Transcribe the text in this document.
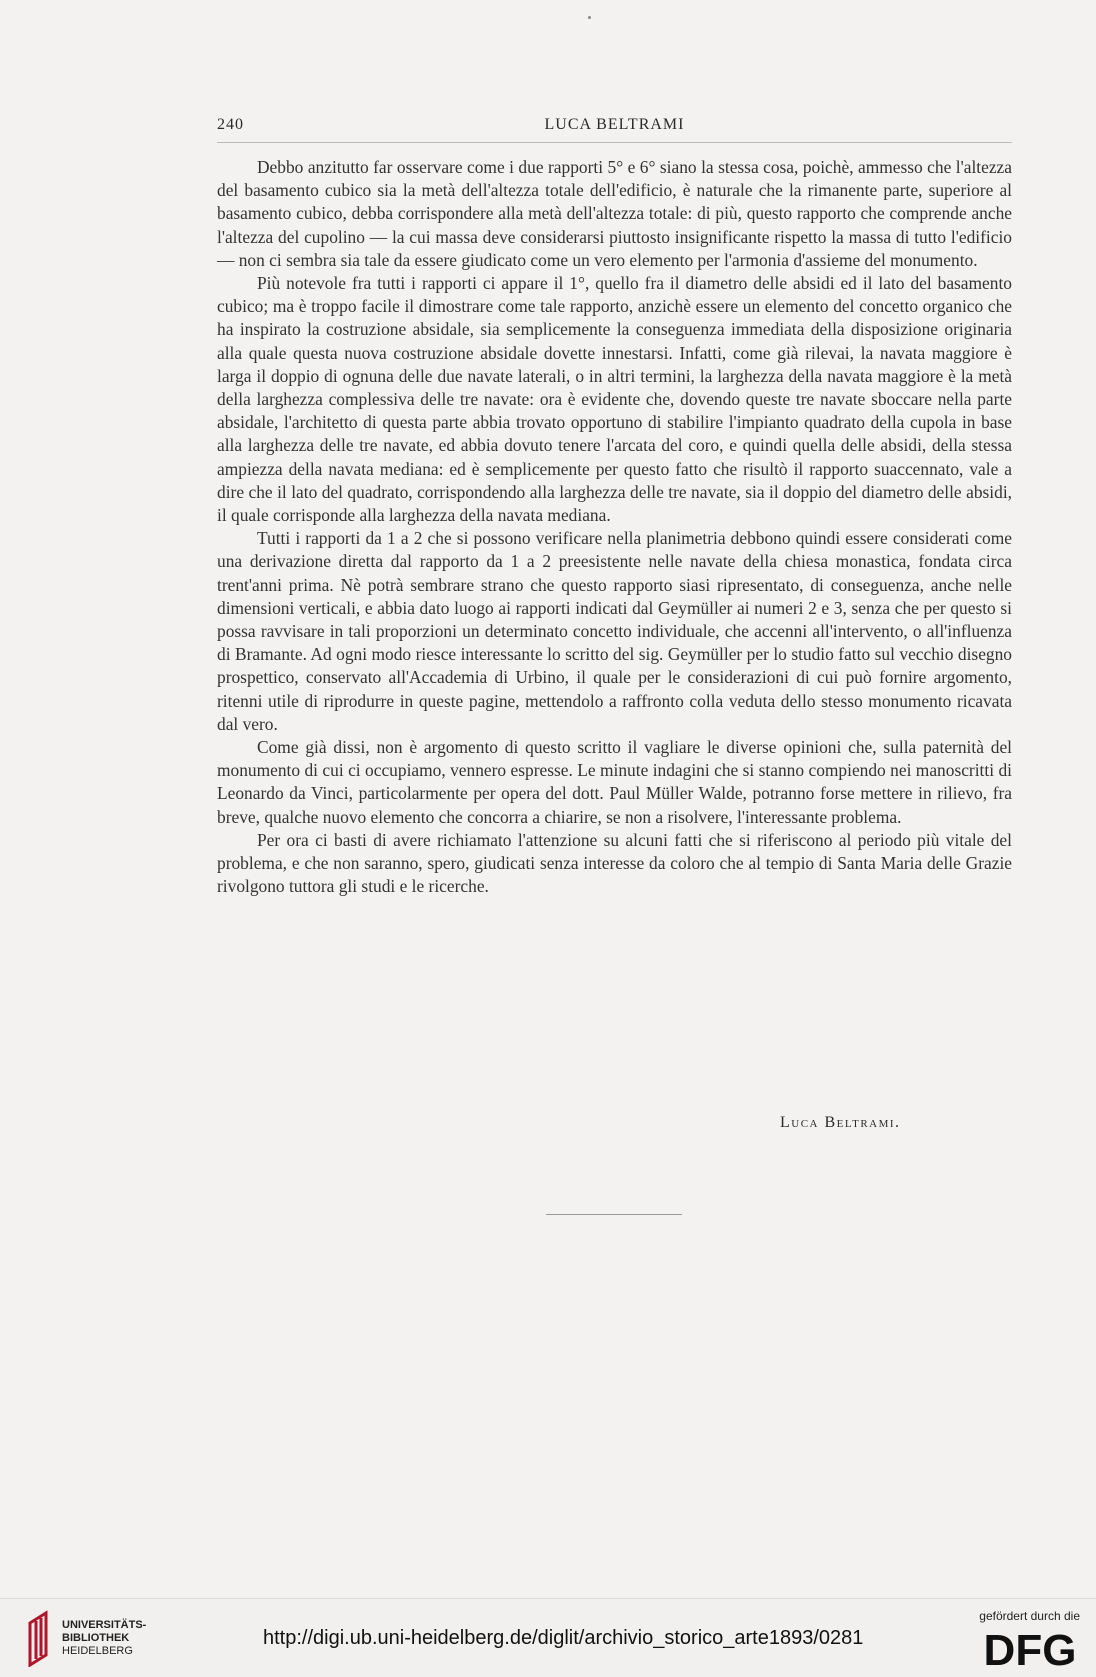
240	LUCA BELTRAMI

Debbo anzitutto far osservare come i due rapporti 5° e 6° siano la stessa cosa, poichè, ammesso che l'altezza del basamento cubico sia la metà dell'altezza totale dell'edificio, è naturale che la rimanente parte, superiore al basamento cubico, debba corrispondere alla metà dell'altezza totale: di più, questo rapporto che comprende anche l'altezza del cupolino — la cui massa deve considerarsi piuttosto insignificante rispetto la massa di tutto l'edificio — non ci sembra sia tale da essere giudicato come un vero elemento per l'armonia d'assieme del monumento.

Più notevole fra tutti i rapporti ci appare il 1°, quello fra il diametro delle absidi ed il lato del basamento cubico; ma è troppo facile il dimostrare come tale rapporto, anzichè essere un elemento del concetto organico che ha inspirato la costruzione absidale, sia semplicemente la conseguenza immediata della disposizione originaria alla quale questa nuova costruzione absidale dovette innestarsi. Infatti, come già rilevai, la navata maggiore è larga il doppio di ognuna delle due navate laterali, o in altri termini, la larghezza della navata maggiore è la metà della larghezza complessiva delle tre navate: ora è evidente che, dovendo queste tre navate sboccare nella parte absidale, l'architetto di questa parte abbia trovato opportuno di stabilire l'impianto quadrato della cupola in base alla larghezza delle tre navate, ed abbia dovuto tenere l'arcata del coro, e quindi quella delle absidi, della stessa ampiezza della navata mediana: ed è semplicemente per questo fatto che risultò il rapporto suaccennato, vale a dire che il lato del quadrato, corrispondendo alla larghezza delle tre navate, sia il doppio del diametro delle absidi, il quale corrisponde alla larghezza della navata mediana.

Tutti i rapporti da 1 a 2 che si possono verificare nella planimetria debbono quindi essere considerati come una derivazione diretta dal rapporto da 1 a 2 preesistente nelle navate della chiesa monastica, fondata circa trent'anni prima. Nè potrà sembrare strano che questo rapporto siasi ripresentato, di conseguenza, anche nelle dimensioni verticali, e abbia dato luogo ai rapporti indicati dal Geymüller ai numeri 2 e 3, senza che per questo si possa ravvisare in tali proporzioni un determinato concetto individuale, che accenni all'intervento, o all'influenza di Bramante. Ad ogni modo riesce interessante lo scritto del sig. Geymüller per lo studio fatto sul vecchio disegno prospettico, conservato all'Accademia di Urbino, il quale per le considerazioni di cui può fornire argomento, ritenni utile di riprodurre in queste pagine, mettendolo a raffronto colla veduta dello stesso monumento ricavata dal vero.

Come già dissi, non è argomento di questo scritto il vagliare le diverse opinioni che, sulla paternità del monumento di cui ci occupiamo, vennero espresse. Le minute indagini che si stanno compiendo nei manoscritti di Leonardo da Vinci, particolarmente per opera del dott. Paul Müller Walde, potranno forse mettere in rilievo, fra breve, qualche nuovo elemento che concorra a chiarire, se non a risolvere, l'interessante problema.

Per ora ci basti di avere richiamato l'attenzione su alcuni fatti che si riferiscono al periodo più vitale del problema, e che non saranno, spero, giudicati senza interesse da coloro che al tempio di Santa Maria delle Grazie rivolgono tuttora gli studi e le ricerche.

Luca Beltrami.
UNIVERSITÄTS-
BIBLIOTHEK
HEIDELBERG
http://digi.ub.uni-heidelberg.de/diglit/archivio_storico_arte1893/0281
gefördert durch die
DFG
